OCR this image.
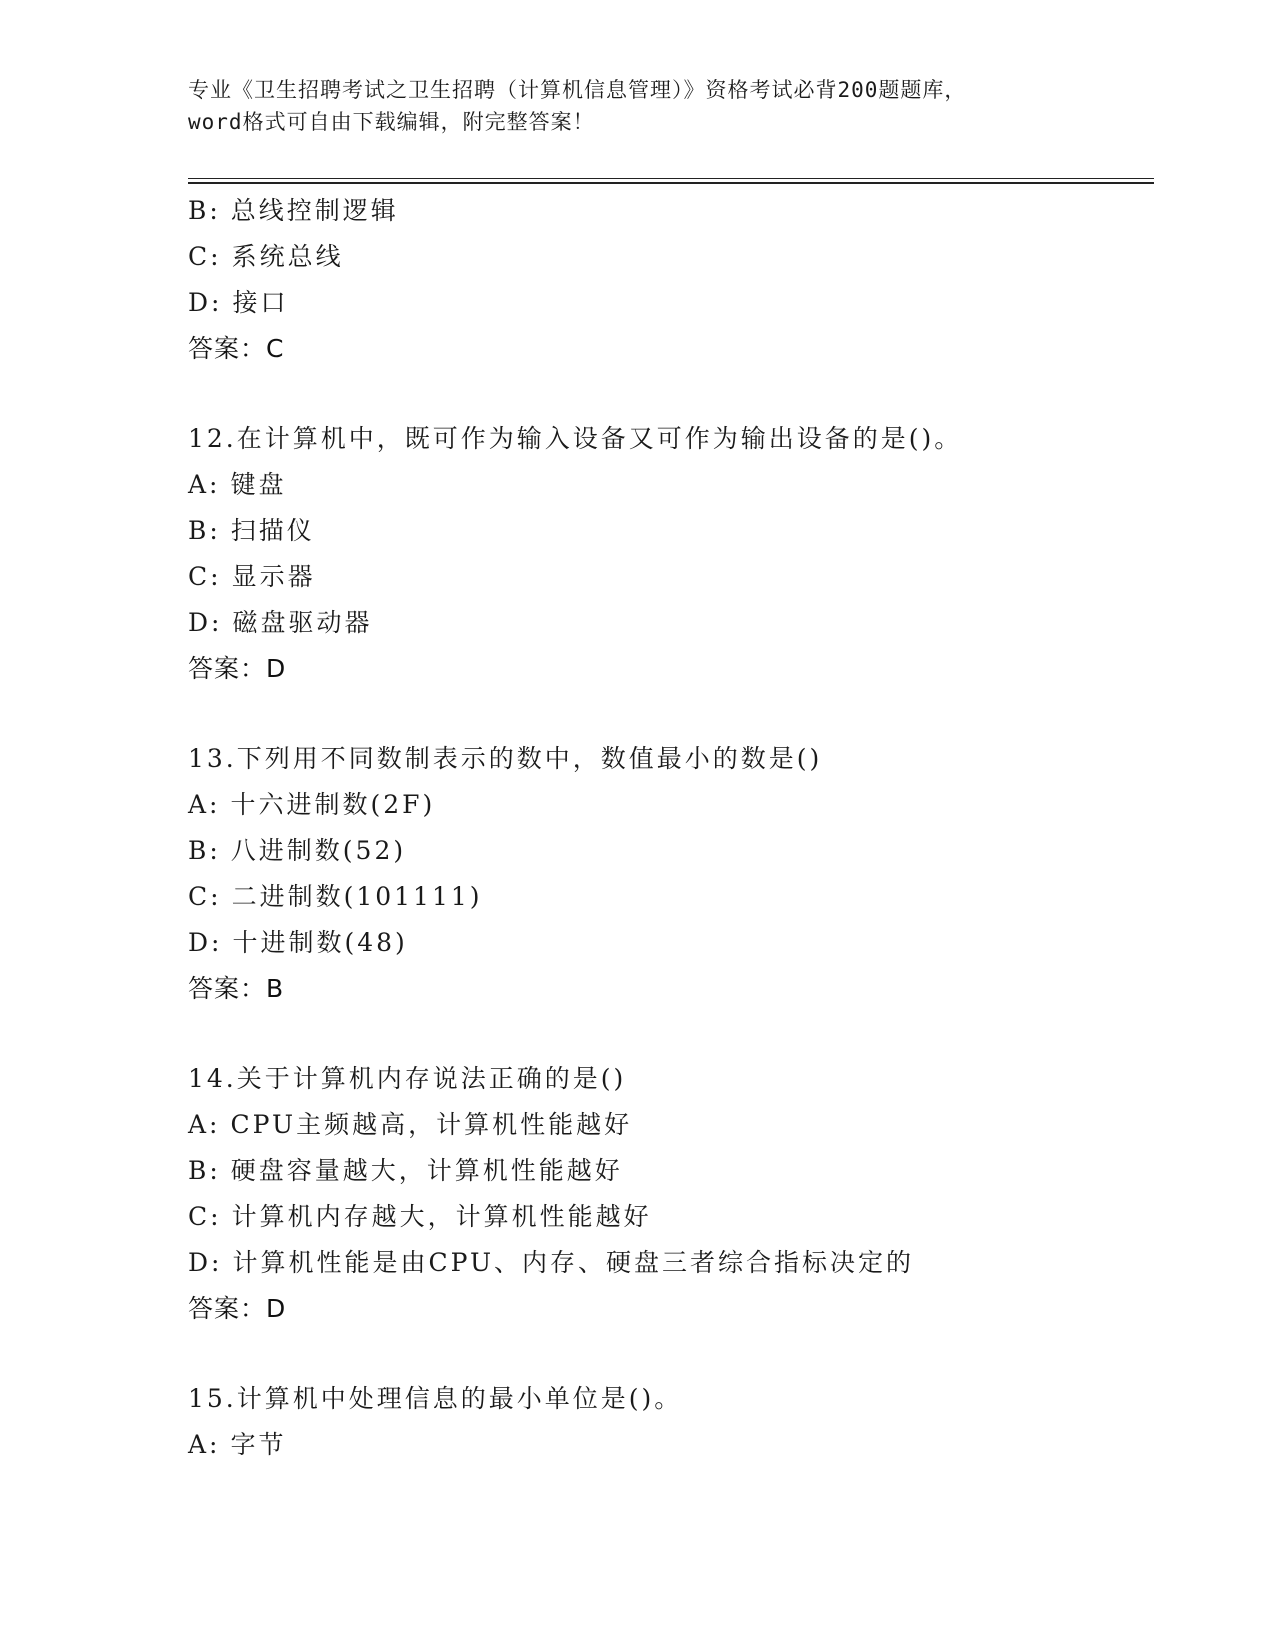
专业《卫生招聘考试之卫生招聘（计算机信息管理）》资格考试必背200题题库，
word格式可自由下载编辑，附完整答案！
B: 总线控制逻辑
C: 系统总线
D: 接口
答案：C
12.在计算机中，既可作为输入设备又可作为输出设备的是()。
A: 键盘
B: 扫描仪
C: 显示器
D: 磁盘驱动器
答案：D
13.下列用不同数制表示的数中，数值最小的数是()
A: 十六进制数(2F)
B: 八进制数(52)
C: 二进制数(101111)
D: 十进制数(48)
答案：B
14.关于计算机内存说法正确的是()
A: CPU主频越高，计算机性能越好
B: 硬盘容量越大，计算机性能越好
C: 计算机内存越大，计算机性能越好
D: 计算机性能是由CPU、内存、硬盘三者综合指标决定的
答案：D
15.计算机中处理信息的最小单位是()。
A: 字节
